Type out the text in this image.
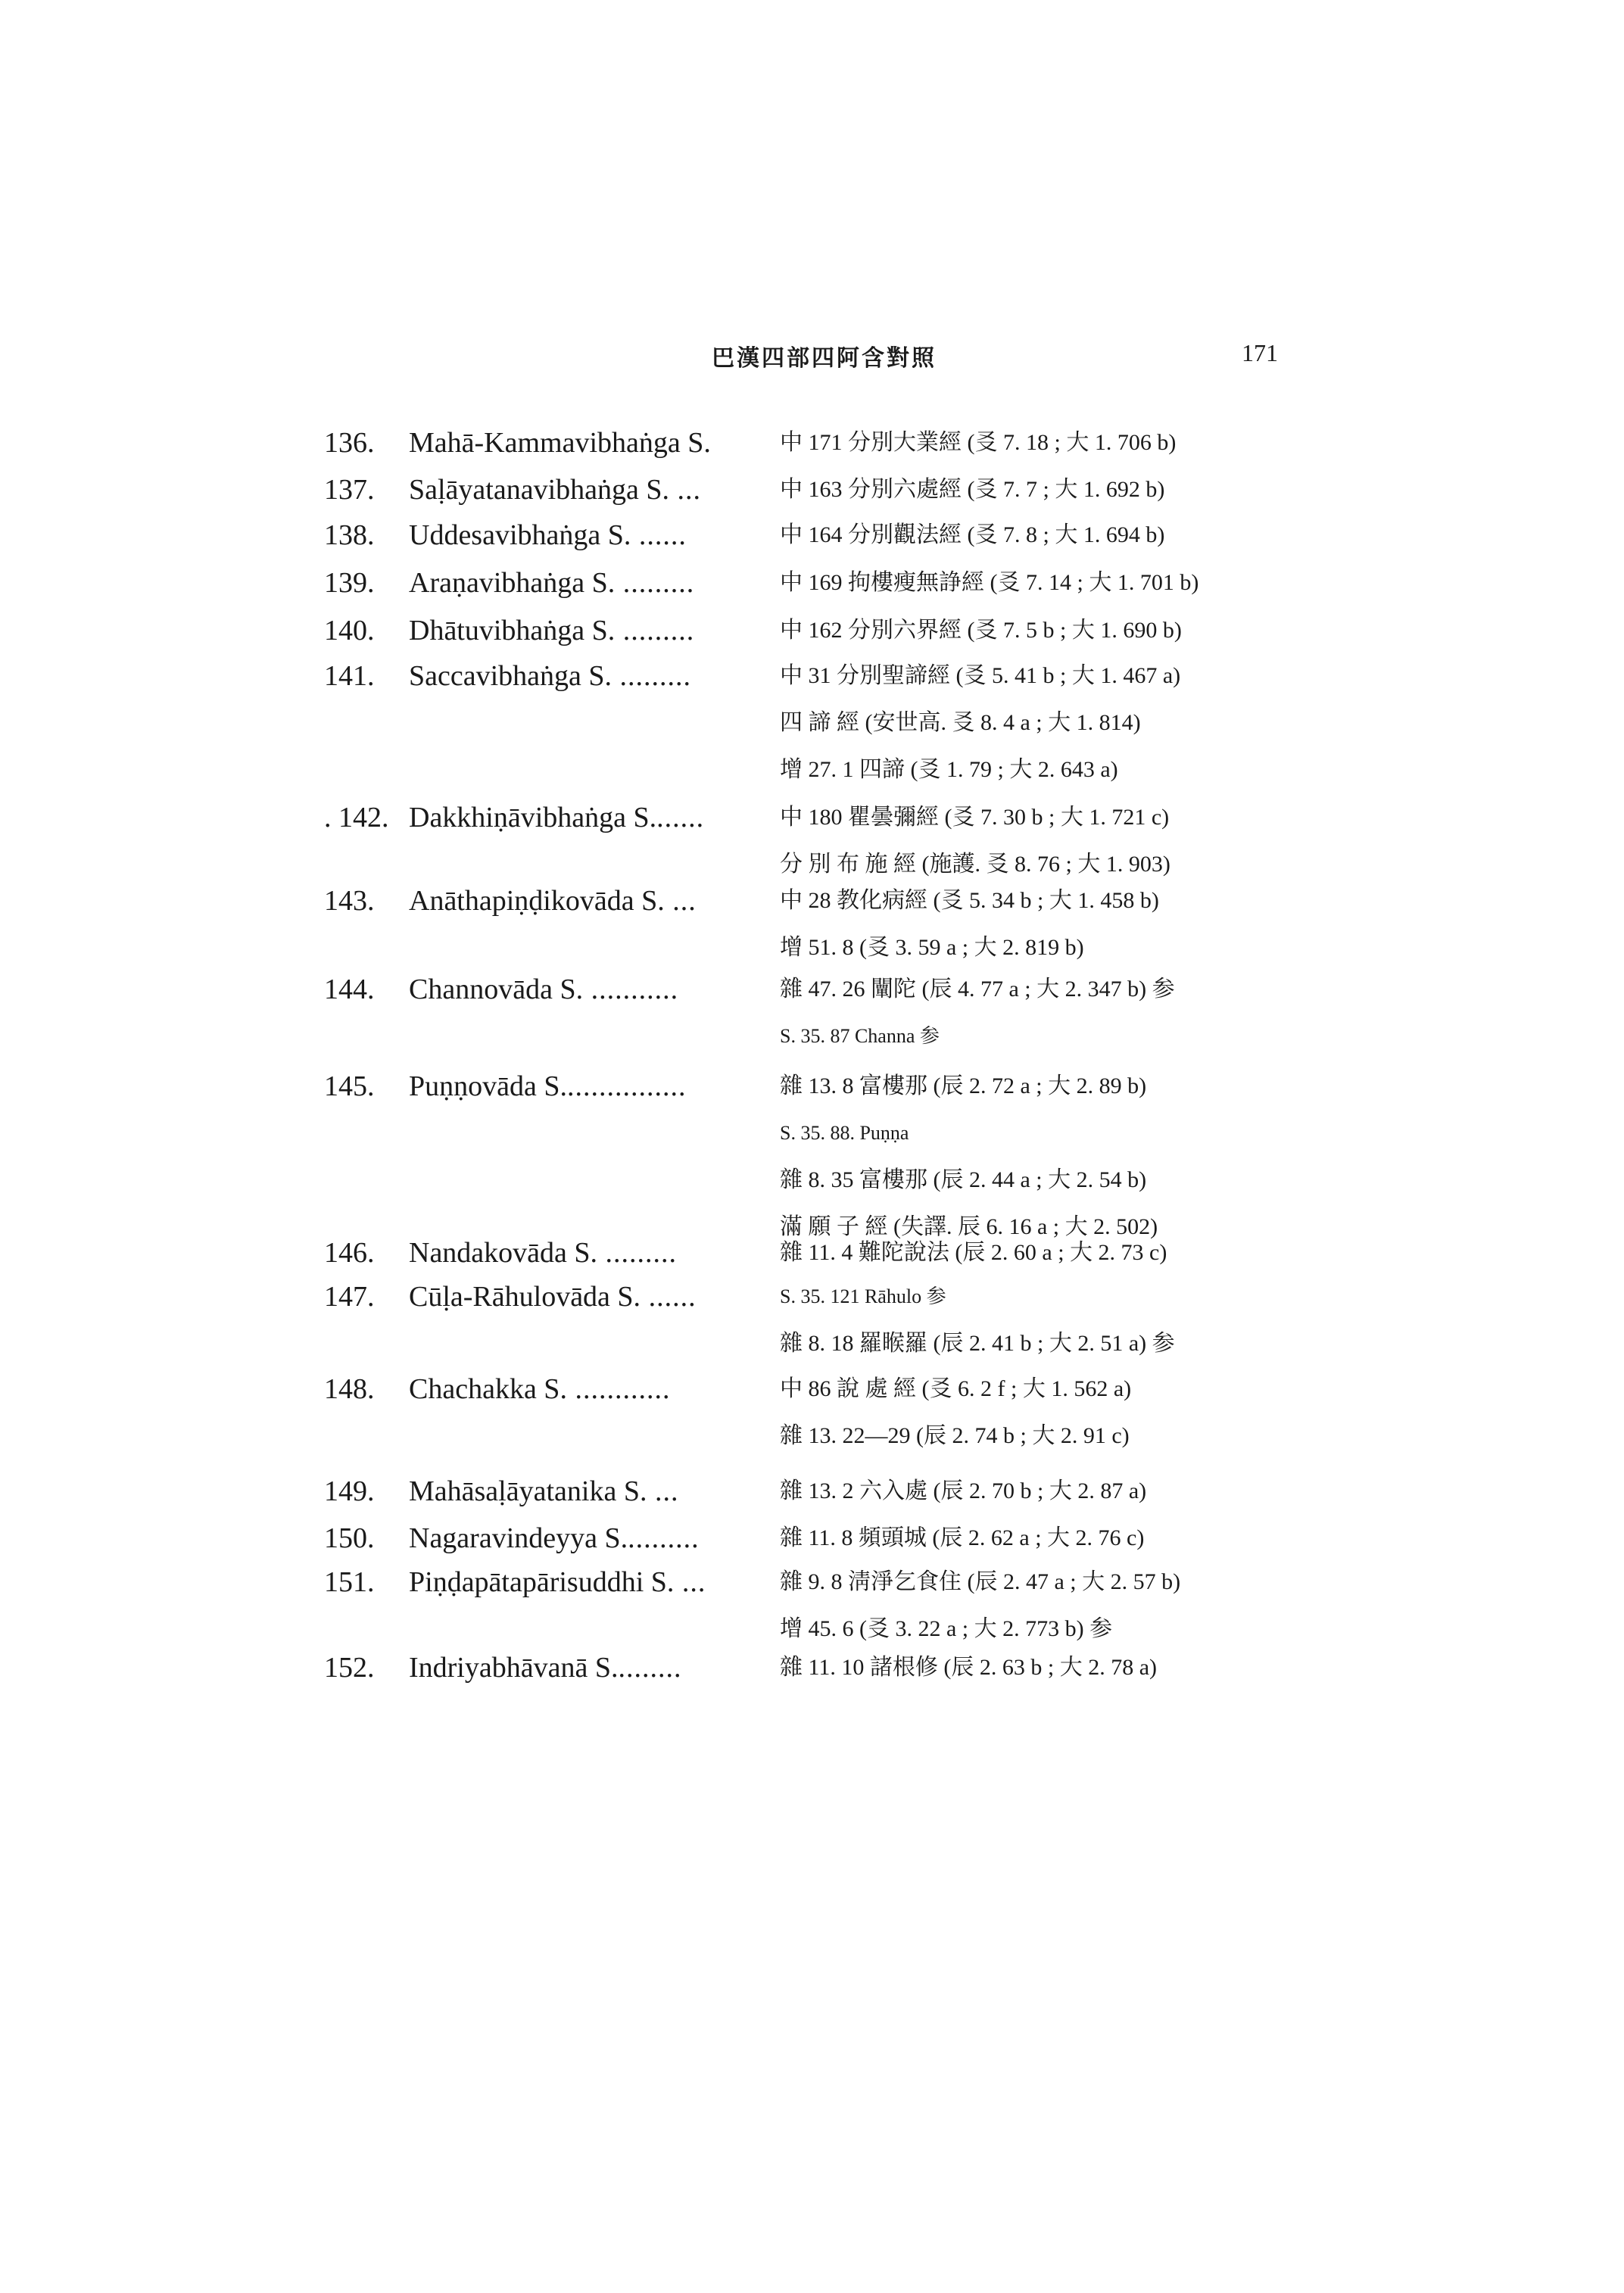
巴漢四部四阿含對照	171
136.	Mahā-Kammavibhaṅga S.	中 171 分別大業經 (㕛 7. 18 ; 大 1. 706 b)
137.	Saḷāyatanavibhaṅga S. ...	中 163 分別六處經 (㕛 7. 7 ; 大 1. 692 b)
138.	Uddesavibhaṅga S. ......	中 164 分別觀法經 (㕛 7. 8 ; 大 1. 694 b)
139.	Araṇavibhaṅga S. .........	中 169 拘樓瘦無諍經 (㕛 7. 14 ; 大 1. 701 b)
140.	Dhātuvibhaṅga S. .........	中 162 分別六界經 (㕛 7. 5 b ; 大 1. 690 b)
141.	Saccavibhaṅga S. .........	中 31 分別聖諦經 (㕛 5. 41 b ; 大 1. 467 a)
四 諦 經 (安世高. 㕛 8. 4 a ; 大 1. 814)
增 27. 1 四諦 (㕛 1. 79 ; 大 2. 643 a)
. 142. Dakkhiṇāvibhaṅga S.......	中 180 瞿曇彌經 (㕛 7. 30 b ; 大 1. 721 c)
分 別 布 施 經 (施護. 㕛 8. 76 ; 大 1. 903)
143.	Anāthapiṇḍikovāda S. ...	中 28 教化病經 (㕛 5. 34 b ; 大 1. 458 b)
增 51. 8 (㕛 3. 59 a ; 大 2. 819 b)
144.	Channovāda S. ...........	雜 47. 26 闡陀 (辰 4. 77 a ; 大 2. 347 b) 参
S. 35. 87 Channa 参
145.	Puṇṇovāda S................	雜 13. 8 富樓那 (辰 2. 72 a ; 大 2. 89 b)
S. 35. 88. Puṇṇa
雜 8. 35 富樓那 (辰 2. 44 a ; 大 2. 54 b)
滿 願 子 經 (失譯. 辰 6. 16 a ; 大 2. 502)
146.	Nandakovāda S. .........	雜 11. 4 難陀說法 (辰 2. 60 a ; 大 2. 73 c)
147.	Cūḷa-Rāhulovāda S. ......	S. 35. 121 Rāhulo 参
雜 8. 18 羅睺羅 (辰 2. 41 b ; 大 2. 51 a) 参
148.	Chachakka S. ............	中 86 說 處 經 (㕛 6. 2 f ; 大 1. 562 a)
雜 13. 22—29 (辰 2. 74 b ; 大 2. 91 c)
149.	Mahāsaḷāyatanika S. ...	雜 13. 2 六入處 (辰 2. 70 b ; 大 2. 87 a)
150.	Nagaravindeyya S..........	雜 11. 8 頻頭城 (辰 2. 62 a ; 大 2. 76 c)
151.	Piṇḍapātapārisuddhi S. ...	雜 9. 8 淸淨乞食住 (辰 2. 47 a ; 大 2. 57 b)
增 45. 6 (㕛 3. 22 a ; 大 2. 773 b) 参
152.	Indriyabhāvanā S.........	雜 11. 10 諸根修 (辰 2. 63 b ; 大 2. 78 a)
